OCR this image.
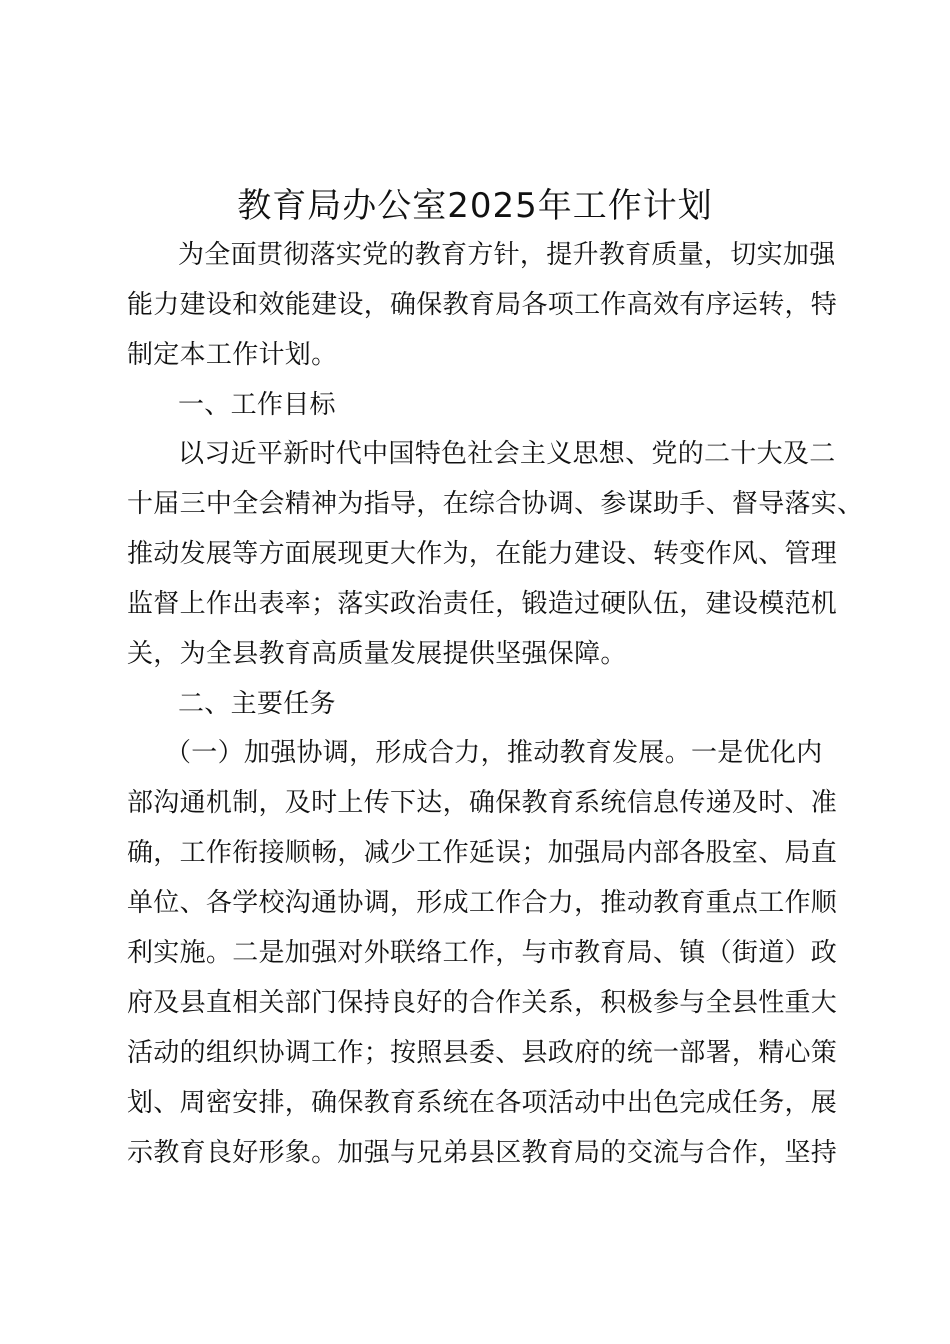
教育局办公室2025年工作计划
为全面贯彻落实党的教育方针，提升教育质量，切实加强
能力建设和效能建设，确保教育局各项工作高效有序运转，特
制定本工作计划。
一、工作目标
以习近平新时代中国特色社会主义思想、党的二十大及二
十届三中全会精神为指导，在综合协调、参谋助手、督导落实、
推动发展等方面展现更大作为，在能力建设、转变作风、管理
监督上作出表率；落实政治责任，锻造过硬队伍，建设模范机
关，为全县教育高质量发展提供坚强保障。
二、主要任务
（一）加强协调，形成合力，推动教育发展。一是优化内
部沟通机制，及时上传下达，确保教育系统信息传递及时、准
确，工作衔接顺畅，减少工作延误；加强局内部各股室、局直
单位、各学校沟通协调，形成工作合力，推动教育重点工作顺
利实施。二是加强对外联络工作，与市教育局、镇（街道）政
府及县直相关部门保持良好的合作关系，积极参与全县性重大
活动的组织协调工作；按照县委、县政府的统一部署，精心策
划、周密安排，确保教育系统在各项活动中出色完成任务，展
示教育良好形象。加强与兄弟县区教育局的交流与合作，坚持
